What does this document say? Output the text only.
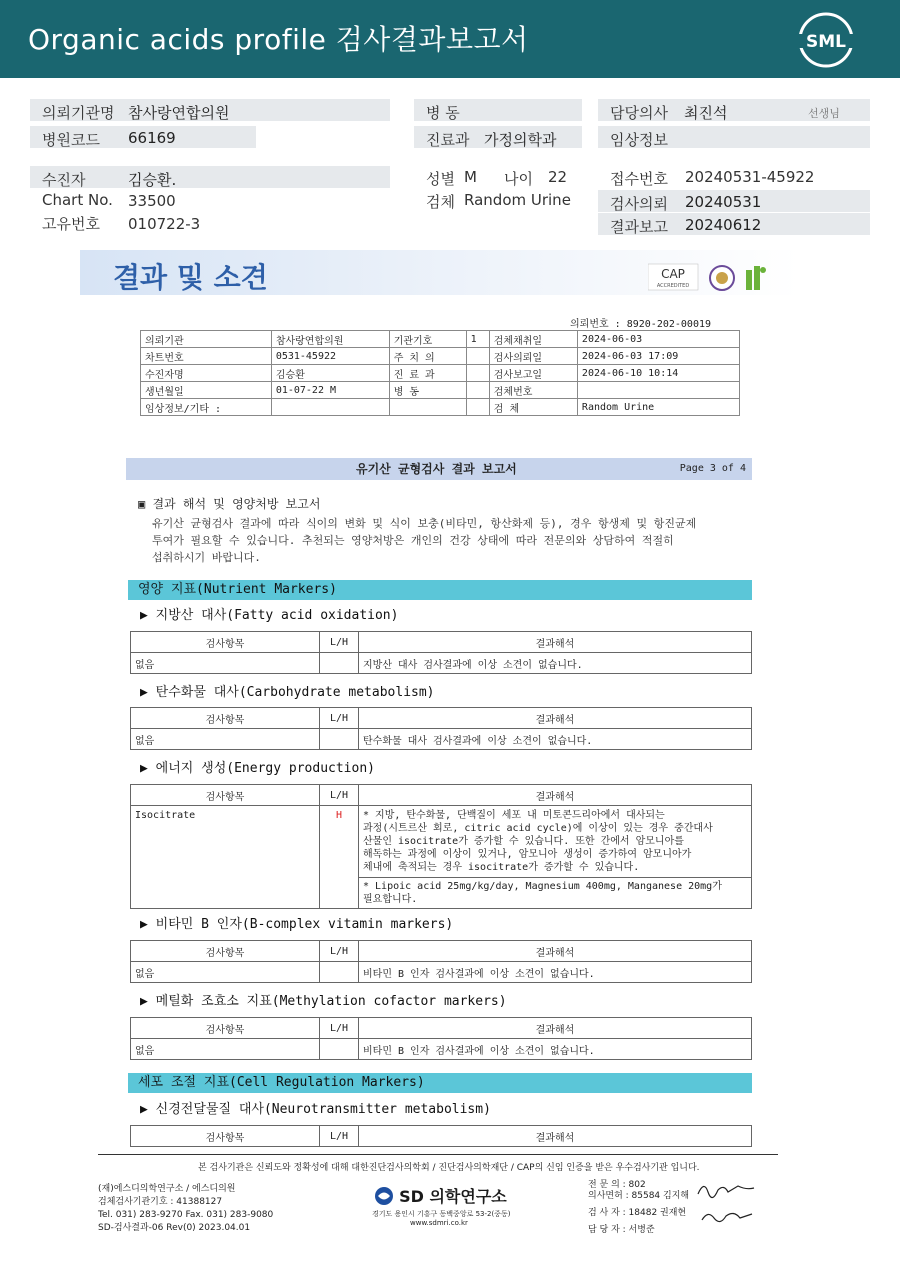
Organic acids profile 검사결과보고서	SML
의뢰기관명 참사랑연합의원
병원코드 66169
병 동
진료과 가정의학과
담당의사 최진석	선생님
임상정보
수진자	김승환.
Chart No. 33500
고유번호 010722-3
성별 M 나이 22
검체 Random Urine
접수번호 20240531-45922
검사의뢰 20240531
결과보고 20240612
결과 및 소견	CAP
ACCREDITED
의뢰번호 : 8920-202-00019
의뢰기관	참사랑연합의원	기관기호	1	검체채취일	2024-06-03
차트번호	0531-45922	주 치 의		검사의뢰일	2024-06-03 17:09
수진자명	김승환	진 료 과		검사보고일	2024-06-10 10:14
생년월일	01-07-22 M	병 동		검체번호	
임상정보/기타 :				검 체	Random Urine
유기산 균형검사 결과 보고서	Page 3 of 4
▣ 결과 해석 및 영양처방 보고서
유기산 균형검사 결과에 따라 식이의 변화 및 식이 보충(비타민, 항산화제 등), 경우 항생제 및 항진균제
투여가 필요할 수 있습니다. 추천되는 영양처방은 개인의 건강 상태에 따라 전문의와 상담하여 적절히
섭취하시기 바랍니다.
영양 지표(Nutrient Markers)
▶ 지방산 대사(Fatty acid oxidation)
검사항목	L/H	결과해석
없음		지방산 대사 검사결과에 이상 소견이 없습니다.
▶ 탄수화물 대사(Carbohydrate metabolism)
검사항목	L/H	결과해석
없음		탄수화물 대사 검사결과에 이상 소견이 없습니다.
▶ 에너지 생성(Energy production)
검사항목	L/H	결과해석
Isocitrate	H	* 지방, 탄수화물, 단백질이 세포 내 미토콘드리아에서 대사되는
과정(시트르산 회로, citric acid cycle)에 이상이 있는 경우 중간대사
산물인 isocitrate가 증가할 수 있습니다. 또한 간에서 암모니아를
해독하는 과정에 이상이 있거나, 암모니아 생성이 증가하여 암모니아가
체내에 축적되는 경우 isocitrate가 증가할 수 있습니다.

		* Lipoic acid 25mg/kg/day, Magnesium 400mg, Manganese 20mg가
필요합니다.
▶ 비타민 B 인자(B-complex vitamin markers)
검사항목	L/H	결과해석
없음		비타민 B 인자 검사결과에 이상 소견이 없습니다.
▶ 메틸화 조효소 지표(Methylation cofactor markers)
검사항목	L/H	결과해석
없음		비타민 B 인자 검사결과에 이상 소견이 없습니다.
세포 조절 지표(Cell Regulation Markers)
▶ 신경전달물질 대사(Neurotransmitter metabolism)
검사항목	L/H	결과해석
본 검사기관은 신뢰도와 정확성에 대해 대한진단검사의학회 / 진단검사의학재단 / CAP의 신임 인증을 받은 우수검사기관 입니다.
(재)에스디의학연구소 / 에스디의원
검체검사기관기호 : 41388127
Tel. 031) 283-9270 Fax. 031) 283-9080
SD-검사결과-06 Rev(0) 2023.04.01
SD 의학연구소
경기도 용인시 기흥구 동백중앙로 53-2(중동)
www.sdmri.co.kr
전 문 의 : 802
의사면허 : 85584 김지해
검 사 자 : 18482 권재현
담 당 자 : 서병준
